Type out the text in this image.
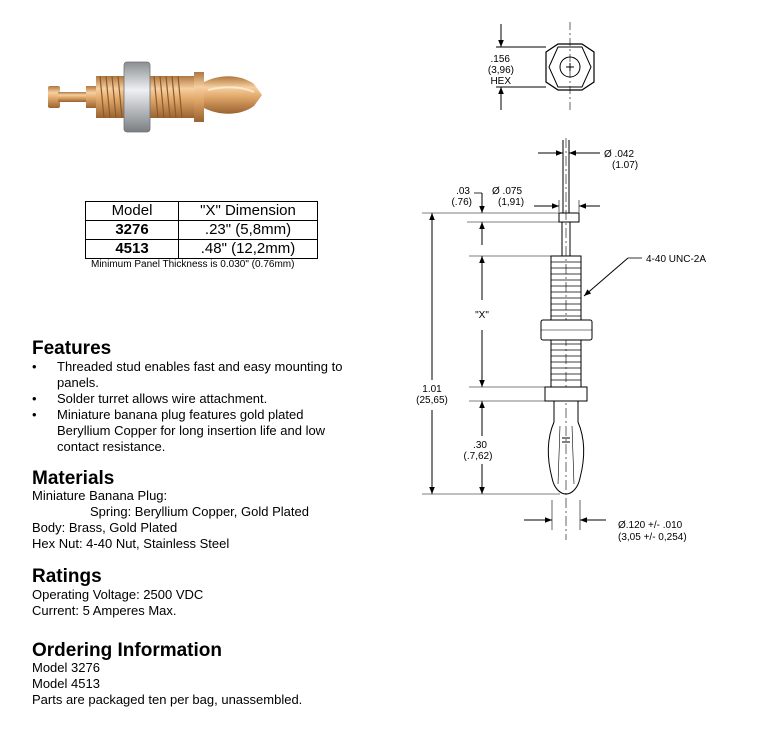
Model	"X" Dimension
3276	.23" (5,8mm)
4513	.48" (12,2mm)
Minimum Panel Thickness is 0.030" (0.76mm)
Features
• Threaded stud enables fast and easy mounting to panels.
• Solder turret allows wire attachment.
• Miniature banana plug features gold plated Beryllium Copper for long insertion life and low contact resistance.
Materials
Miniature Banana Plug:
Spring: Beryllium Copper, Gold Plated
Body: Brass, Gold Plated
Hex Nut: 4-40 Nut, Stainless Steel
Ratings
Operating Voltage: 2500 VDC
Current: 5 Amperes Max.
Ordering Information
Model 3276
Model 4513
Parts are packaged ten per bag, unassembled.
.156
(3,96)
HEX
Ø .042
(1.07)
.03
(.76)
Ø .075
(1,91)
4-40 UNC-2A
"X"
1.01
(25,65)
.30
(.7,62)
Ø.120 +/- .010
(3,05 +/- 0,254)
